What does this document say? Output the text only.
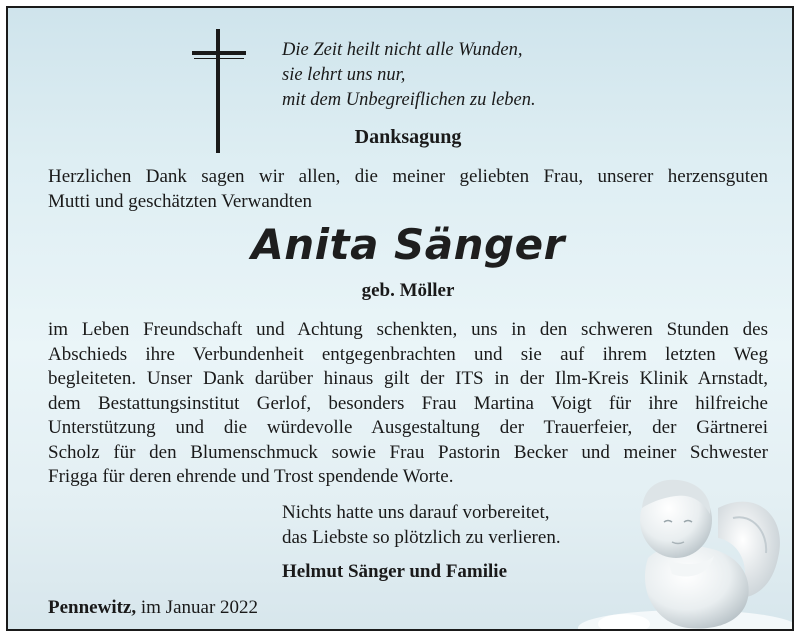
Die Zeit heilt nicht alle Wunden,
sie lehrt uns nur,
mit dem Unbegreiflichen zu leben.
Danksagung
Herzlichen Dank sagen wir allen, die meiner geliebten Frau, unserer herzensguten
Mutti und geschätzten Verwandten
Anita Sänger
geb. Möller
im Leben Freundschaft und Achtung schenkten, uns in den schweren Stunden des
Abschieds ihre Verbundenheit entgegenbrachten und sie auf ihrem letzten Weg
begleiteten. Unser Dank darüber hinaus gilt der ITS in der Ilm-Kreis Klinik Arnstadt,
dem Bestattungsinstitut Gerlof, besonders Frau Martina Voigt für ihre hilfreiche
Unterstützung und die würdevolle Ausgestaltung der Trauerfeier, der Gärtnerei
Scholz für den Blumenschmuck sowie Frau Pastorin Becker und meiner Schwester
Frigga für deren ehrende und Trost spendende Worte.
Nichts hatte uns darauf vorbereitet,
das Liebste so plötzlich zu verlieren.
Helmut Sänger und Familie
Pennewitz, im Januar 2022
